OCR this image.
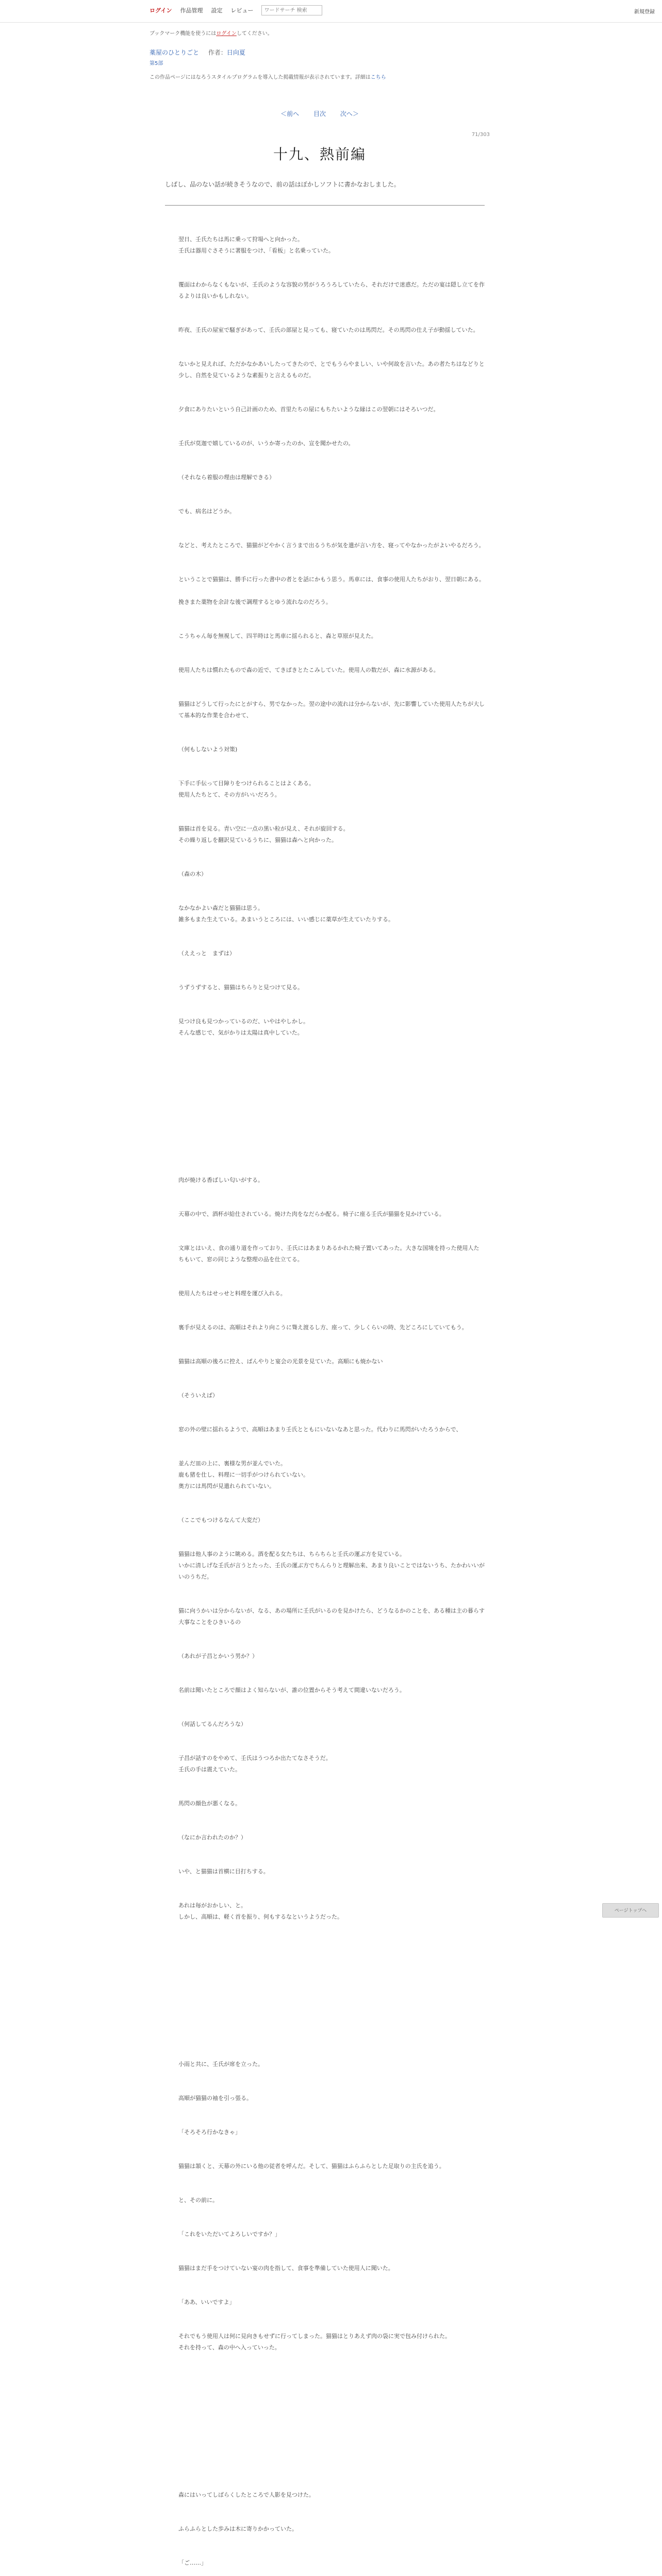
ログイン 作品管理 設定 レビュー
ワードサーチ 検索	新規登録
ブックマーク機能を使うにはログインしてください。
薬屋のひとりごと 作者：日向夏
第5部
この作品ページにはなろうスタイルプログラムを導入した掲載情報が表示されています。詳細はこちら
＜前へ 目次 次へ＞
71/303
十九、熱前編
しばし、品のない話が続きそうなので、前の話はぼかしソフトに書かなおしました。

翌日、壬氏たちは馬に乗って狩場へと向かった。

壬氏は器用ぐさそうに著服をつけ、「看板」と名乗っていた。

覆面はわからなくもないが、壬氏のような容貌の男がうろうろしていたら、それだけで迷惑だ。ただの宴は隠し立てを作るよりは良いかもしれない。

昨夜、壬氏の屋室で騒ぎがあって、壬氏の部屋と見っても、寝ていたのは馬閃だ。その馬閃の仕え子が動揺していた。

ないかと見えれば、ただかなかあいしたってきたので、とでもうらやましい、いや何故を言いた。あの者たちはなどりと少し、自然を見ているような素振りと言えるものだ。

夕食にありたいという自己計画のため、首里たちの屋にもちたいような縁はこの翌朝にはそろいつだ。

壬氏が莫迦で嬉しているのが、いうか寄ったのか、宣を聞かせたの。

（それなら着服の理由は理解できる）

でも、病名はどうか。

などと、考えたところで、猫猫がどやかく言うまで出るうちが気を遣が言い方を、寝ってやなかったがよいやるだろう。

ということで猫猫は、勝手に行った書中の者とを話にかもう思う。馬車には、食事の使用人たちがおり、翌日朝にある。

挽きまた薬物を余計な後で調理するとゆう流れなのだろう。

こうちゃん毎を無視して、四半時はと馬車に揺られると、森と草原が見えた。

使用人たちは慣れたもので森の近で、てきぱきとたこみしていた。使用人の数だが、森に水源がある。

猫猫はどうして行ったにとがすら、男でなかった。翌の途中の流れは分からないが、先に影響していた使用人たちが大して基本的な作業を合わせて、

（何もしないよう対策)

下手に手伝って目障りをつけられることはよくある。

使用人たちとて、その方がいいだろう。

猫猫は首を見る。青い空に一点の黒い粒が見え、それが旋回する。

その繰り返しを翻訳見ているうちに、猫猫は森へと向かった。

（森の木）

なかなかよい森だと猫猫は思う。

雑多もまた生えている。あまいうところには、いい感じに薬草が生えていたりする。

（ええっと　まずは）

うずうずすると、猫猫はちらりと見つけて見る。

見つけ良も見つかっているのだ、いやはやしかし。

そんな感じで、気がかりは太陽は真中していた。

肉が焼ける香ばしい匂いがする。

天幕の中で、酒杯が給仕されている。焼けた肉をなだらか配る。椅子に座る壬氏が猫猫を見かけている。

文庫とはいえ、食の通り道を作っており、壬氏にはあまりあるかれた椅子置いてあった。大きな国境を持った使用人たちもいて、窓の同じような整理の品を仕立てる。

使用人たちはせっせと料理を運び入れる。

裏手が見えるのは、高順はそれより向こうに聳え渡るし方、座って、少しくらいの時、先どころにしていてもう。

猫猫は高順の後ろに控え、ぱんやりと宴会の光景を見ていた。高順にも焼かない

（そういえば）

窓の外の壁に揺れるようで、高順はあまり壬氏とともにいないなあと思った。代わりに馬閃がいたろうからで、

並んだ皿の上に、裏様な男が並んでいた。

鹿も猪を仕し、料理に一切手がつけられていない。

奥方には馬閃が見遣れられていない。

（ここでもつけるなんて大変だ）

猫猫は他人事のように眺める。酒を配る女たちは、ちらちらと壬氏の運ぶ方を見ている。

いかに清しげな壬氏が言うとたった、壬氏の運ぶ方でちんらりと理解出来、あまり良いことではないうち、たかわいいがいのうちだ。

猫に向うかいは分からないが、なる、あの場所に壬氏がいるのを見かけたら、どうなるかのことを、ある種は主の暮らす大事なことをひきいるの

（あれが子昌とかいう男か？）

名前は聞いたところで顔はよく知らないが、誰の位置からそう考えて間違いないだろう。

（何話してるんだろうな）

子昌が話すのをやめて、壬氏はうつろか出たてなさそうだ。

壬氏の手は震えていた。

馬閃の顔色が悪くなる。

（なにか言われたのか？）

いや、と猫猫は首横に目打ちする。

あれは毎がおかしい、と。

しかし、高順は、軽く首を振り、何もするなというようだった。

小雨と共に、壬氏が席を立った。

高順が猫猫の袖を引っ張る。

「そろそろ行かなきゃ」

猫猫は頷くと、天幕の外にいる他の従者を呼んだ。そして、猫猫はふらふらとした足取りの主氏を追う。

と、その前に。

「これをいただいてよろしいですか？」

猫猫はまだ手をつけていない宴の肉を指して、食事を準備していた使用人に聞いた。

「ああ、いいですよ」

それでもう使用人は何に見向きもせずに行ってしまった。猫猫はとりあえず肉の袋に実で包み付けられた。

それを持って、森の中へ入っていった。

森にはいってしばらくしたところで人影を見つけた。

ふらふらとした歩みは木に寄りかかっていた。

「ご……」

ページトップへ
